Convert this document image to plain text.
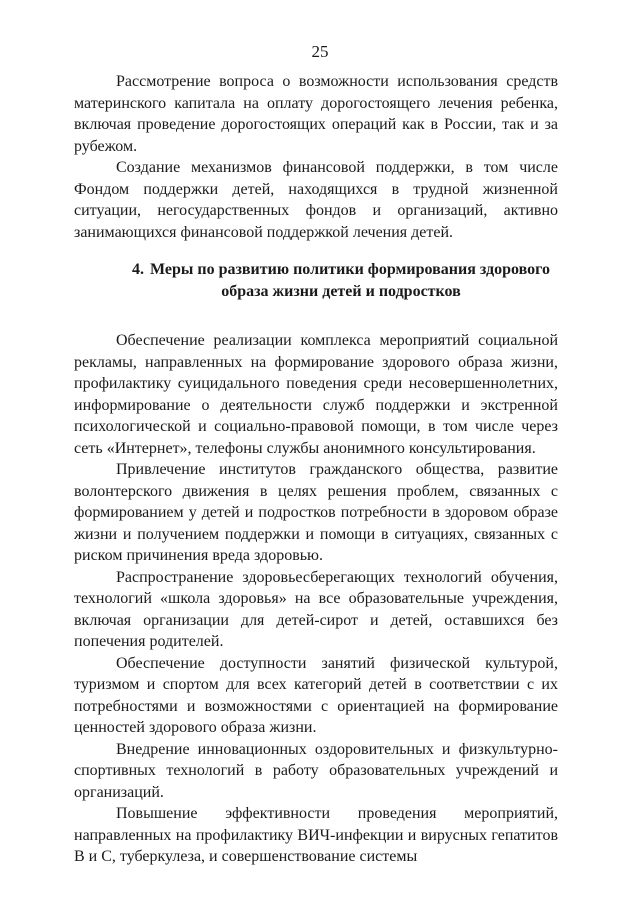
25

Рассмотрение вопроса о возможности использования средств материнского капитала на оплату дорогостоящего лечения ребенка, включая проведение дорогостоящих операций как в России, так и за рубежом.

Создание механизмов финансовой поддержки, в том числе Фондом поддержки детей, находящихся в трудной жизненной ситуации, негосударственных фондов и организаций, активно занимающихся финансовой поддержкой лечения детей.

4. Меры по развитию политики формирования здорового образа жизни детей и подростков

Обеспечение реализации комплекса мероприятий социальной рекламы, направленных на формирование здорового образа жизни, профилактику суицидального поведения среди несовершеннолетних, информирование о деятельности служб поддержки и экстренной психологической и социально-правовой помощи, в том числе через сеть «Интернет», телефоны службы анонимного консультирования.

Привлечение институтов гражданского общества, развитие волонтерского движения в целях решения проблем, связанных с формированием у детей и подростков потребности в здоровом образе жизни и получением поддержки и помощи в ситуациях, связанных с риском причинения вреда здоровью.

Распространение здоровьесберегающих технологий обучения, технологий «школа здоровья» на все образовательные учреждения, включая организации для детей-сирот и детей, оставшихся без попечения родителей.

Обеспечение доступности занятий физической культурой, туризмом и спортом для всех категорий детей в соответствии с их потребностями и возможностями с ориентацией на формирование ценностей здорового образа жизни.

Внедрение инновационных оздоровительных и физкультурно-спортивных технологий в работу образовательных учреждений и организаций.

Повышение эффективности проведения мероприятий, направленных на профилактику ВИЧ-инфекции и вирусных гепатитов В и С, туберкулеза, и совершенствование системы
